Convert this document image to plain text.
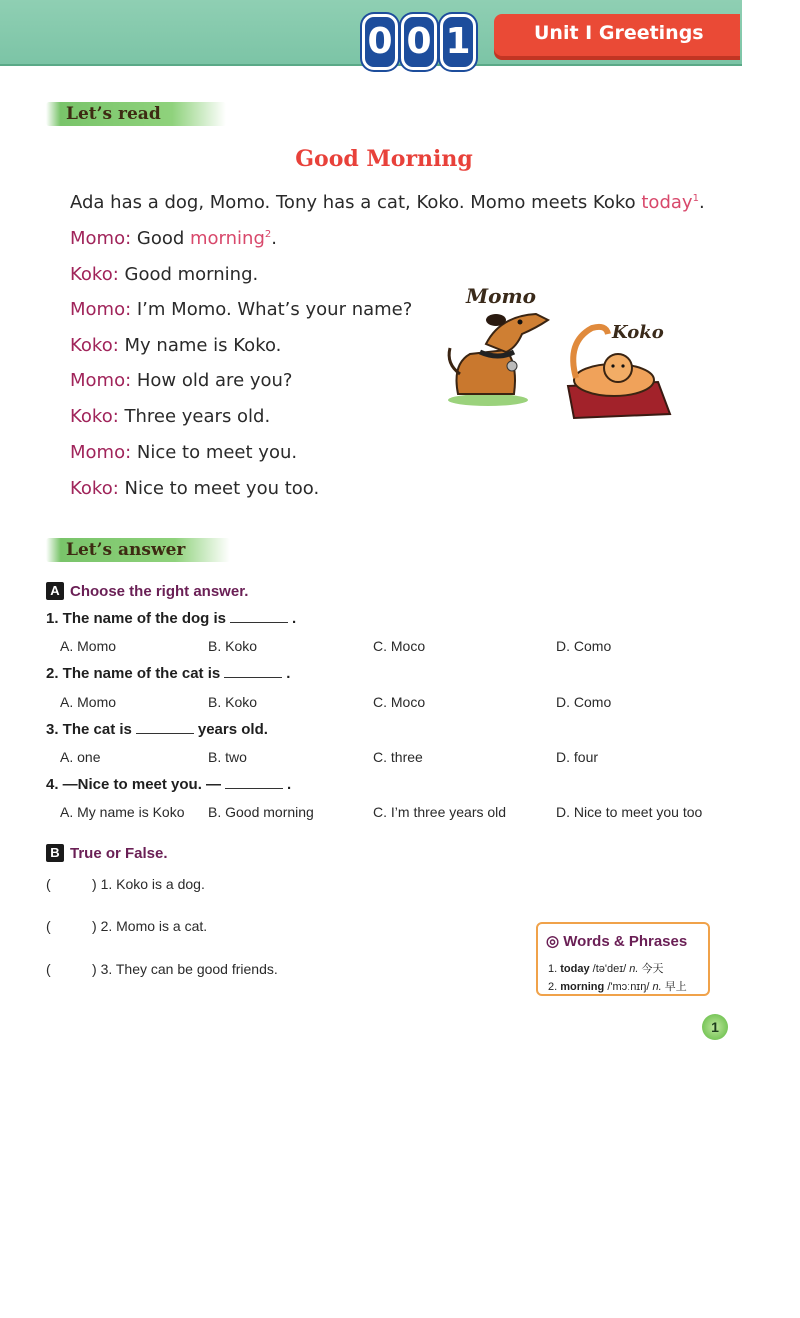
0 0 1	Unit I Greetings
Let’s read
Good Morning
Ada has a dog, Momo. Tony has a cat, Koko. Momo meets Koko today$^1$.
Momo: Good morning$^2$.
Koko: Good morning.
Momo: I’m Momo. What’s your name?
Koko: My name is Koko.
Momo: How old are you?
Koko: Three years old.
Momo: Nice to meet you.
Koko: Nice to meet you too.
Momo
Koko
Let’s answer
A Choose the right answer.
1. The name of the dog is	.
A. Momo	B. Koko	C. Moco	D. Como
2. The name of the cat is	.
A. Momo	B. Koko	C. Moco	D. Como
3. The cat is	years old.
A. one	B. two	C. three	D. four
4. —Nice to meet you. —	.
A. My name is Koko B. Good morning	C. I’m three years old	D. Nice to meet you too
B True or False.
(	) 1. Koko is a dog.
(	) 2. Momo is a cat.
(	) 3. They can be good friends.
◎ Words & Phrases
1. today /tə'deɪ/ n. 今天
2. morning /'mɔːnɪŋ/ n. 早上
1
